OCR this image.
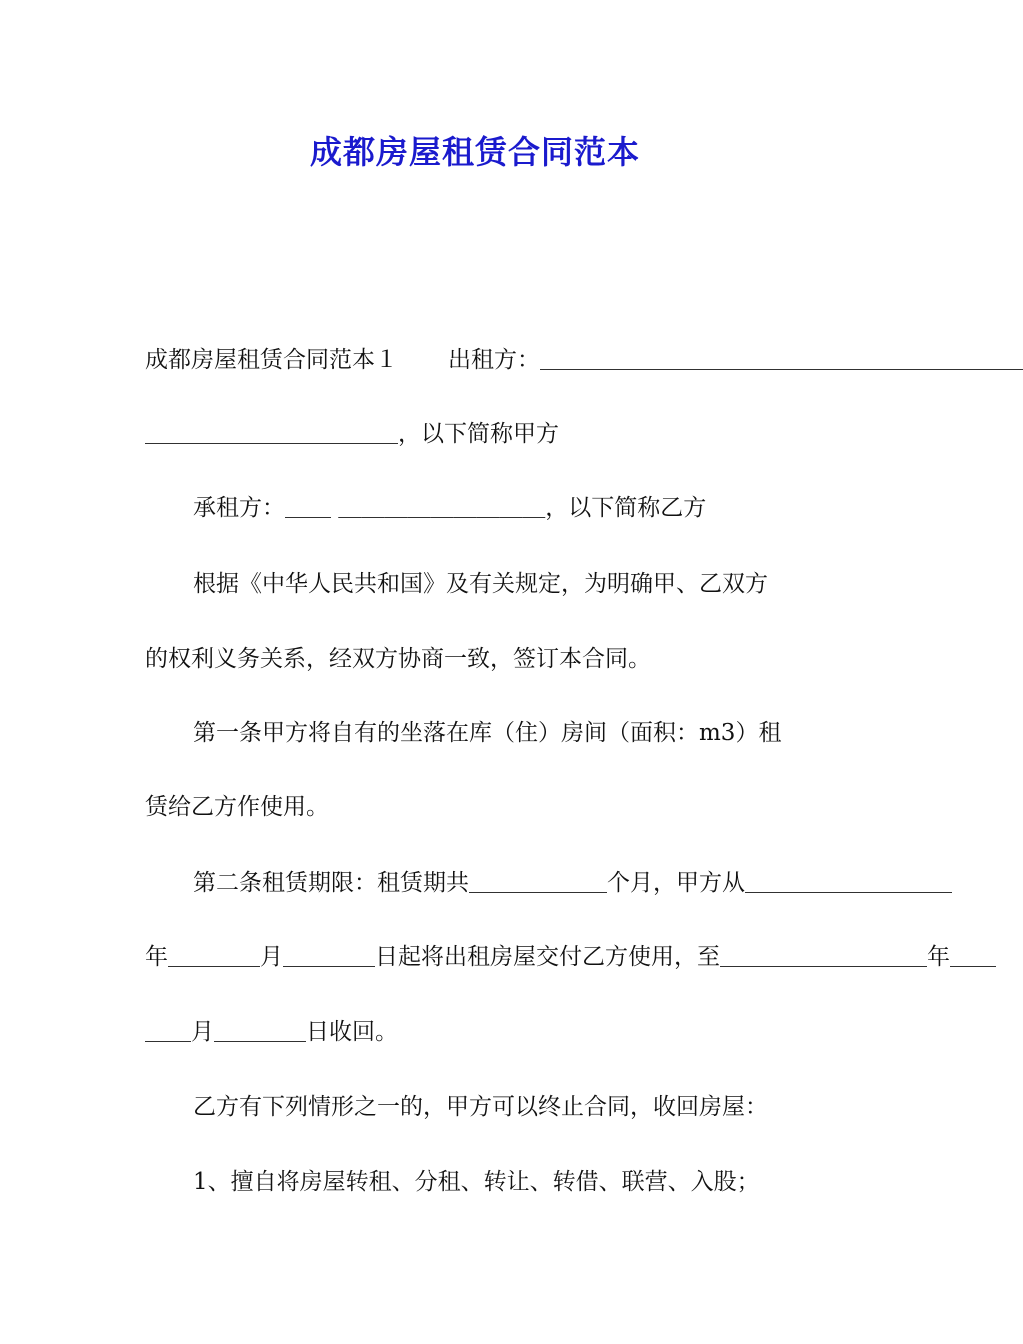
成都房屋租赁合同范本
成都房屋租赁合同范本１ 出租方：＿＿＿＿＿＿＿＿＿＿＿＿＿＿＿＿＿＿＿＿＿
＿＿＿＿＿＿＿＿＿＿＿，以下简称甲方
承租方：＿＿ ＿＿＿＿＿＿＿＿＿，以下简称乙方
根据《中华人民共和国》及有关规定，为明确甲、乙双方
的权利义务关系，经双方协商一致，签订本合同。
第一条甲方将自有的坐落在库（住）房间（面积：m3）租
赁给乙方作使用。
第二条租赁期限：租赁期共＿＿＿＿＿＿个月，甲方从＿＿＿＿＿＿＿＿＿
年＿＿＿＿月＿＿＿＿日起将出租房屋交付乙方使用，至＿＿＿＿＿＿＿＿＿年＿＿
＿＿月＿＿＿＿日收回。
乙方有下列情形之一的，甲方可以终止合同，收回房屋：
1、擅自将房屋转租、分租、转让、转借、联营、入股；
